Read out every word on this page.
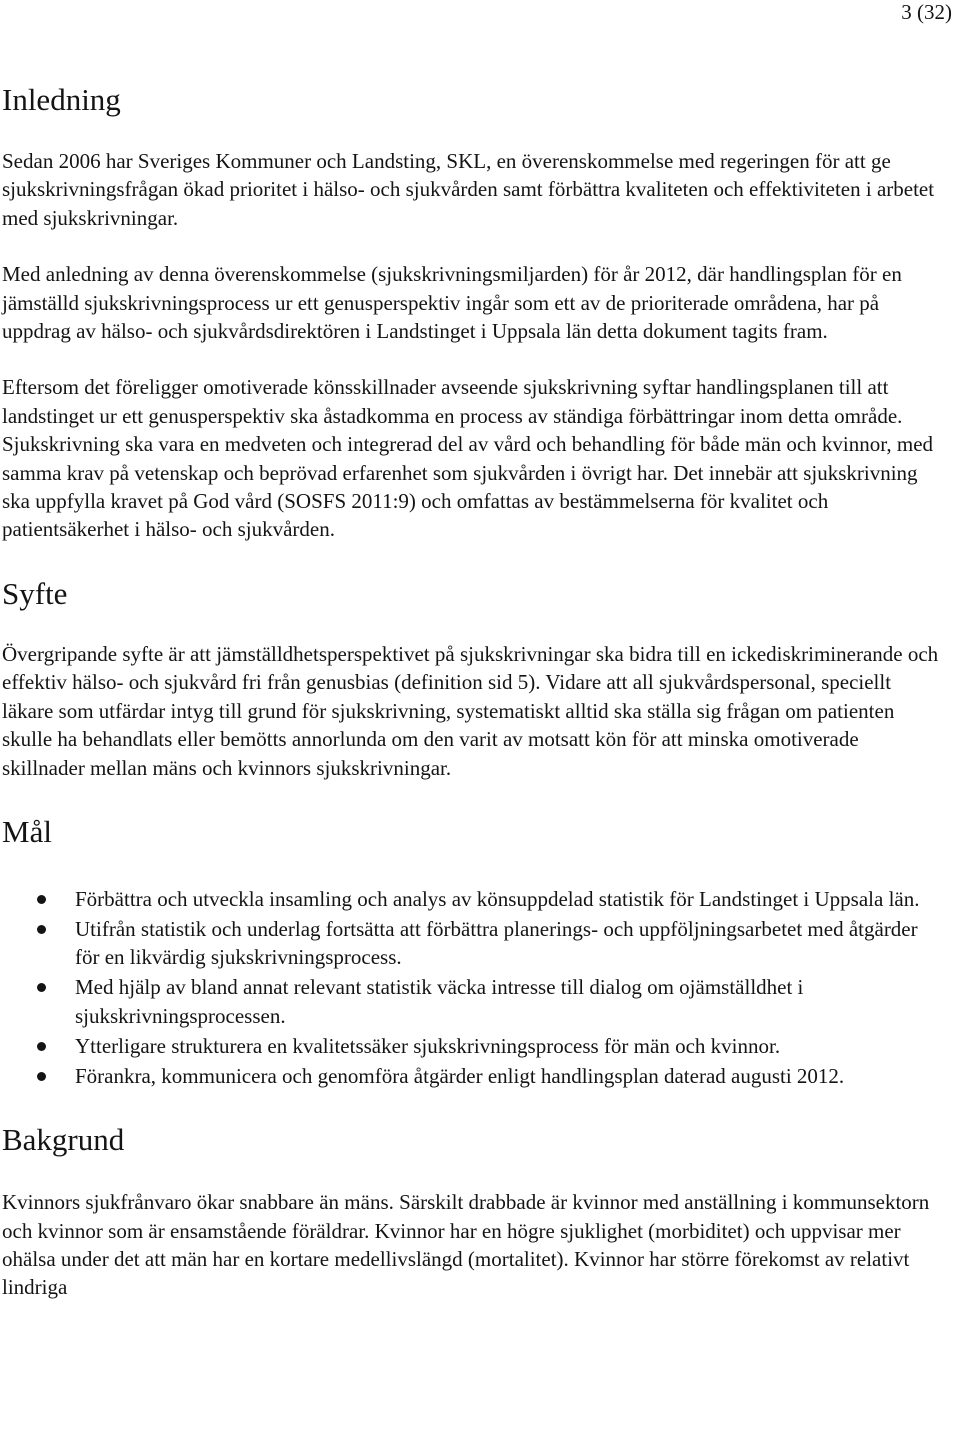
3 (32)
Inledning

Sedan 2006 har Sveriges Kommuner och Landsting, SKL, en överenskommelse med regeringen för att ge sjukskrivningsfrågan ökad prioritet i hälso- och sjukvården samt förbättra kvaliteten och effektiviteten i arbetet med sjukskrivningar.

Med anledning av denna överenskommelse (sjukskrivningsmiljarden) för år 2012, där handlingsplan för en jämställd sjukskrivningsprocess ur ett genusperspektiv ingår som ett av de prioriterade områdena, har på uppdrag av hälso- och sjukvårdsdirektören i Landstinget i Uppsala län detta dokument tagits fram.

Eftersom det föreligger omotiverade könsskillnader avseende sjukskrivning syftar handlingsplanen till att landstinget ur ett genusperspektiv ska åstadkomma en process av ständiga förbättringar inom detta område. Sjukskrivning ska vara en medveten och integrerad del av vård och behandling för både män och kvinnor, med samma krav på vetenskap och beprövad erfarenhet som sjukvården i övrigt har. Det innebär att sjukskrivning ska uppfylla kravet på God vård (SOSFS 2011:9) och omfattas av bestämmelserna för kvalitet och patientsäkerhet i hälso- och sjukvården.

Syfte

Övergripande syfte är att jämställdhetsperspektivet på sjukskrivningar ska bidra till en ickediskriminerande och effektiv hälso- och sjukvård fri från genusbias (definition sid 5). Vidare att all sjukvårdspersonal, speciellt läkare som utfärdar intyg till grund för sjukskrivning, systematiskt alltid ska ställa sig frågan om patienten skulle ha behandlats eller bemötts annorlunda om den varit av motsatt kön för att minska omotiverade skillnader mellan mäns och kvinnors sjukskrivningar.

Mål
Förbättra och utveckla insamling och analys av könsuppdelad statistik för Landstinget i Uppsala län.
Utifrån statistik och underlag fortsätta att förbättra planerings- och uppföljningsarbetet med åtgärder för en likvärdig sjukskrivningsprocess.
Med hjälp av bland annat relevant statistik väcka intresse till dialog om ojämställdhet i sjukskrivningsprocessen.
Ytterligare strukturera en kvalitetssäker sjukskrivningsprocess för män och kvinnor.
Förankra, kommunicera och genomföra åtgärder enligt handlingsplan daterad augusti 2012.
Bakgrund

Kvinnors sjukfrånvaro ökar snabbare än mäns. Särskilt drabbade är kvinnor med anställning i kommunsektorn och kvinnor som är ensamstående föräldrar. Kvinnor har en högre sjuklighet (morbiditet) och uppvisar mer ohälsa under det att män har en kortare medellivslängd (mortalitet). Kvinnor har större förekomst av relativt lindriga
